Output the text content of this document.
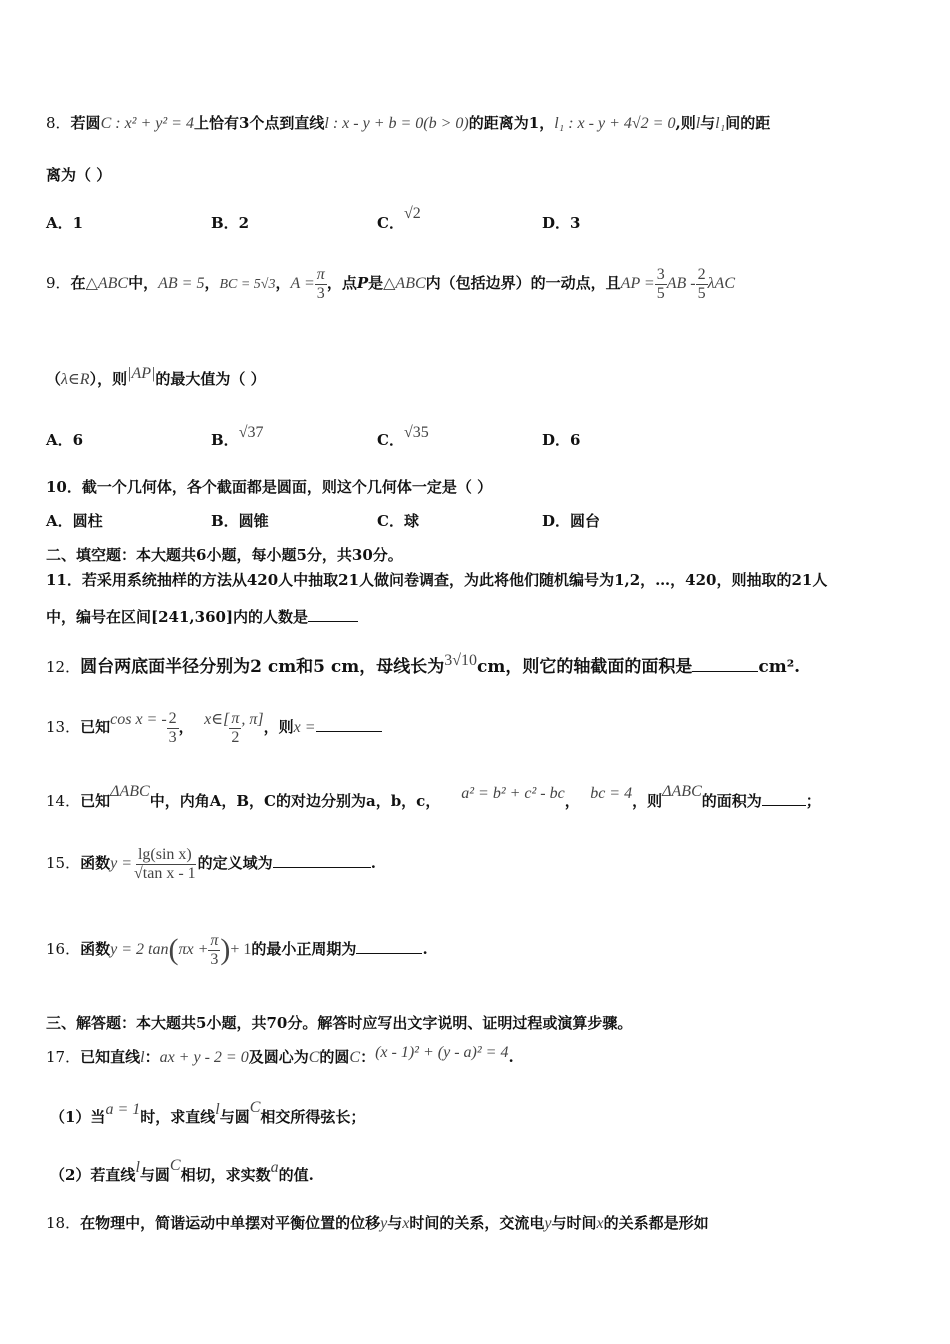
8．若圆C : x² + y² = 4上恰有3个点到直线l : x - y + b = 0(b > 0)的距离为1，l₁ : x - y + 4√2 = 0,则l与l₁间的距
离为（ ）
A．1	B．2	C．√2
D．3
9．在△ABC中，AB = 5，BC = 5√3，$A = \frac{\pi}{3}$ ，点P是△ABC内（包括边界）的一动点，且AP = $\frac{3}{5}$ AB - $\frac{2}{5}$ λAC
（λ∈R），则|AP|的最大值为（ ）
A．6	B．√37	C．√35	D．6
10．截一个几何体，各个截面都是圆面，则这个几何体一定是（ ）
A．圆柱	B．圆锥	C．球	D．圆台
二、填空题：本大题共6小题，每小题5分，共30分。
11．若采用系统抽样的方法从420人中抽取21人做问卷调查，为此将他们随机编号为1,2，…，420，则抽取的21人
中，编号在区间[241,360]内的人数是
12．圆台两底面半径分别为2 cm和5 cm，母线长为3√10cm，则它的轴截面的面积是	cm².
13．已知cos x = - $\frac{2}{3}$ ， x∈[ $\frac{\pi}{2}$ , π]，则x =
14．已知ΔABC中，内角A，B，C的对边分别为a，b，c， a² = b² + c² - bc， bc = 4，则ΔABC的面积为	；
15．函数$y = \frac{\text{lg(sin x)}}{\text{√tan x - 1}}$ 的定义域为	.
16．函数y = 2 $\tan(\pi x + \frac{\pi}{3}$ )+ 1的最小正周期为	.
三、解答题：本大题共5小题，共70分。解答时应写出文字说明、证明过程或演算步骤。
17．已知直线l：ax + y - 2 = 0及圆心为C的圆C：(x - 1)² + (y - a)² = 4.
（1）当a = 1时，求直线l与圆C相交所得弦长；
（2）若直线l与圆C相切，求实数a的值.
18．在物理中，简谐运动中单摆对平衡位置的位移y与x时间的关系，交流电y与时间x的关系都是形如
